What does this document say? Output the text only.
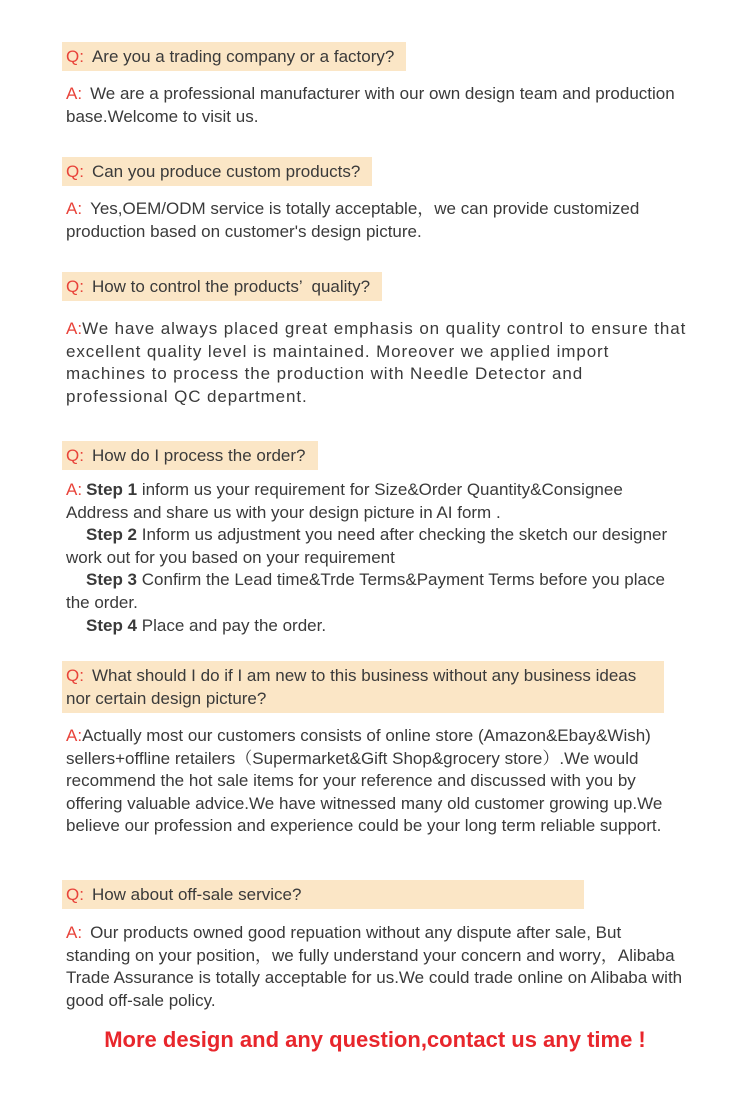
Q: Are you a trading company or a factory?
A: We are a professional manufacturer with our own design team and production base.Welcome to visit us.
Q: Can you produce custom products?
A: Yes,OEM/ODM service is totally acceptable，we can provide customized production based on customer's design picture.
Q: How to control the products’  quality?
A:We have always placed great emphasis on quality control to ensure that excellent quality level is maintained. Moreover we applied import machines to process the production with Needle Detector and professional QC department.
Q: How do I process the order?
A: Step 1 inform us your requirement for Size&Order Quantity&Consignee Address and share us with your design picture in AI form .
Step 2 Inform us adjustment you need after checking the sketch our designer work out for you based on your requirement
Step 3 Confirm the Lead time&Trde Terms&Payment Terms before you place the order.
Step 4 Place and pay the order.
Q: What should I do if I am new to this business without any business ideas nor certain design picture?
A:Actually most our customers consists of online store (Amazon&Ebay&Wish) sellers+offline retailers（Supermarket&Gift Shop&grocery store）.We would recommend the hot sale items for your reference and discussed with you by offering valuable advice.We have witnessed many old customer growing up.We believe our profession and experience could be your long term reliable support.
Q: How about off-sale service?
A: Our products owned good repuation without any dispute after sale, But standing on your position，we fully understand your concern and worry，Alibaba Trade Assurance is totally acceptable for us.We could trade online on Alibaba with good off-sale policy.
More design and any question,contact us any time !
